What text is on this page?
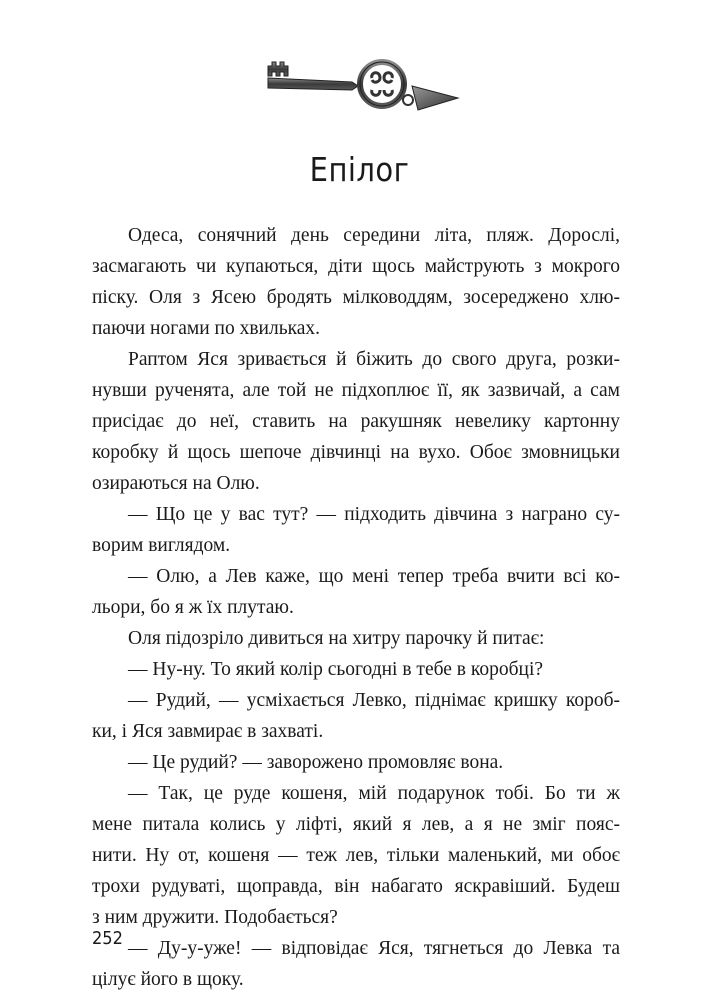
Епілог
Одеса, сонячний день середини літа, пляж. Дорослі,
засмагають чи купаються, діти щось майструють з мокрого
піску. Оля з Ясею бродять мілководдям, зосереджено хлю-
паючи ногами по хвильках.
Раптом Яся зривається й біжить до свого друга, розки-
нувши рученята, але той не підхоплює її, як зазвичай, а сам
присідає до неї, ставить на ракушняк невелику картонну
коробку й щось шепоче дівчинці на вухо. Обоє змовницьки
озираються на Олю.
— Що це у вас тут? — підходить дівчина з награно су-
ворим виглядом.
— Олю, а Лев каже, що мені тепер треба вчити всі ко-
льори, бо я ж їх плутаю.
Оля підозріло дивиться на хитру парочку й питає:
— Ну-ну. То який колір сьогодні в тебе в коробці?
— Рудий, — усміхається Левко, піднімає кришку короб-
ки, і Яся завмирає в захваті.
— Це рудий? — заворожено промовляє вона.
— Так, це руде кошеня, мій подарунок тобі. Бо ти ж
мене питала колись у ліфті, який я лев, а я не зміг пояс-
нити. Ну от, кошеня — теж лев, тільки маленький, ми обоє
трохи рудуваті, щоправда, він набагато яскравіший. Будеш
з ним дружити. Подобається?
— Ду-у-уже! — відповідає Яся, тягнеться до Левка та
цілує його в щоку.
252
